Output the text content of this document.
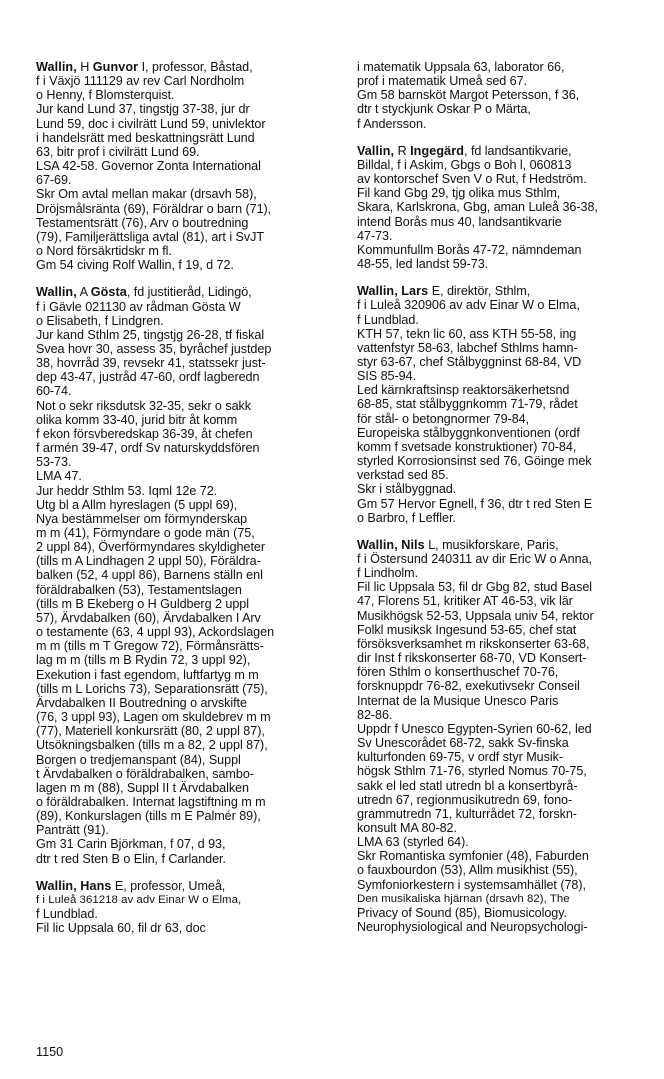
Wallin, H Gunvor I, professor, Båstad,
f i Växjö 111129 av rev Carl Nordholm
o Henny, f Blomsterquist.
Jur kand Lund 37, tingstjg 37-38, jur dr
Lund 59, doc i civilrätt Lund 59, univlektor
i handelsrätt med beskattningsrätt Lund
63, bitr prof i civilrätt Lund 69.
LSA 42-58. Governor Zonta International
67-69.
Skr Om avtal mellan makar (drsavh 58),
Dröjsmålsränta (69), Föräldrar o barn (71),
Testamentsrätt (76), Arv o boutredning
(79), Familjerättsliga avtal (81), art i SvJT
o Nord försäkrtidskr m fl.
Gm 54 civing Rolf Wallin, f 19, d 72.
Wallin, A Gösta, fd justitieråd, Lidingö,
f i Gävle 021130 av rådman Gösta W
o Elisabeth, f Lindgren.
Jur kand Sthlm 25, tingstjg 26-28, tf fiskal
Svea hovr 30, assess 35, byråchef justdep
38, hovrråd 39, revsekr 41, statssekr just-
dep 43-47, justråd 47-60, ordf lagberedn
60-74.
Not o sekr riksdutsk 32-35, sekr o sakk
olika komm 33-40, jurid bitr åt komm
f ekon försvberedskap 36-39, åt chefen
f armén 39-47, ordf Sv naturskyddsfören
53-73.
LMA 47.
Jur heddr Sthlm 53. Iqml 12e 72.
Utg bl a Allm hyreslagen (5 uppl 69),
Nya bestämmelser om förmynderskap
m m (41), Förmyndare o gode män (75,
2 uppl 84), Överförmyndares skyldigheter
(tills m A Lindhagen 2 uppl 50), Föräldra-
balken (52, 4 uppl 86), Barnens ställn enl
föräldrabalken (53), Testamentslagen
(tills m B Ekeberg o H Guldberg 2 uppl
57), Ärvdabalken (60), Ärvdabalken I Arv
o testamente (63, 4 uppl 93), Ackordslagen
m m (tills m T Gregow 72), Förmånsrätts-
lag m m (tills m B Rydin 72, 3 uppl 92),
Exekution i fast egendom, luftfartyg m m
(tills m L Lorichs 73), Separationsrätt (75),
Ärvdabalken II Boutredning o arvskifte
(76, 3 uppl 93), Lagen om skuldebrev m m
(77), Materiell konkursrätt (80, 2 uppl 87),
Utsökningsbalken (tills m a 82, 2 uppl 87),
Borgen o tredjemanspant (84), Suppl
t Ärvdabalken o föräldrabalken, sambo-
lagen m m (88), Suppl II t Ärvdabalken
o föräldrabalken. Internat lagstiftning m m
(89), Konkurslagen (tills m E Palmér 89),
Panträtt (91).
Gm 31 Carin Björkman, f 07, d 93,
dtr t red Sten B o Elin, f Carlander.
Wallin, Hans E, professor, Umeå,
f i Luleå 361218 av adv Einar W o Elma,
f Lundblad.
Fil lic Uppsala 60, fil dr 63, doc
i matematik Uppsala 63, laborator 66,
prof i matematik Umeå sed 67.
Gm 58 barnsköt Margot Petersson, f 36,
dtr t styckjunk Oskar P o Märta,
f Andersson.
Vallin, R Ingegärd, fd landsantikvarie,
Billdal, f i Askim, Gbgs o Boh l, 060813
av kontorschef Sven V o Rut, f Hedström.
Fil kand Gbg 29, tjg olika mus Sthlm,
Skara, Karlskrona, Gbg, aman Luleå 36-38,
intend Borås mus 40, landsantikvarie
47-73.
Kommunfullm Borås 47-72, nämndeman
48-55, led landst 59-73.
Wallin, Lars E, direktör, Sthlm,
f i Luleå 320906 av adv Einar W o Elma,
f Lundblad.
KTH 57, tekn lic 60, ass KTH 55-58, ing
vattenfstyr 58-63, labchef Sthlms hamn-
styr 63-67, chef Stålbyggninst 68-84, VD
SIS 85-94.
Led kärnkraftsinsp reaktorsäkerhetsnd
68-85, stat stålbyggnkomm 71-79, rådet
för stål- o betongnormer 79-84,
Europeiska stålbyggnkonventionen (ordf
komm f svetsade konstruktioner) 70-84,
styrled Korrosionsinst sed 76, Göinge mek
verkstad sed 85.
Skr i stålbyggnad.
Gm 57 Hervor Egnell, f 36, dtr t red Sten E
o Barbro, f Leffler.
Wallin, Nils L, musikforskare, Paris,
f i Östersund 240311 av dir Eric W o Anna,
f Lindholm.
Fil lic Uppsala 53, fil dr Gbg 82, stud Basel
47, Florens 51, kritiker AT 46-53, vik lär
Musikhögsk 52-53, Uppsala univ 54, rektor
Folkl musiksk Ingesund 53-65, chef stat
försöksverksamhet m rikskonserter 63-68,
dir Inst f rikskonserter 68-70, VD Konsert-
fören Sthlm o konserthuschef 70-76,
forsknuppdr 76-82, exekutivsekr Conseil
Internat de la Musique Unesco Paris
82-86.
Uppdr f Unesco Egypten-Syrien 60-62, led
Sv Unescorådet 68-72, sakk Sv-finska
kulturfonden 69-75, v ordf styr Musik-
högsk Sthlm 71-76, styrled Nomus 70-75,
sakk el led statl utredn bl a konsertbyrå-
utredn 67, regionmusikutredn 69, fono-
grammutredn 71, kulturrådet 72, forskn-
konsult MA 80-82.
LMA 63 (styrled 64).
Skr Romantiska symfonier (48), Faburden
o fauxbourdon (53), Allm musikhist (55),
Symfoniorkestern i systemsamhället (78),
Den musikaliska hjärnan (drsavh 82), The
Privacy of Sound (85), Biomusicology.
Neurophysiological and Neuropsychologi-
1150
